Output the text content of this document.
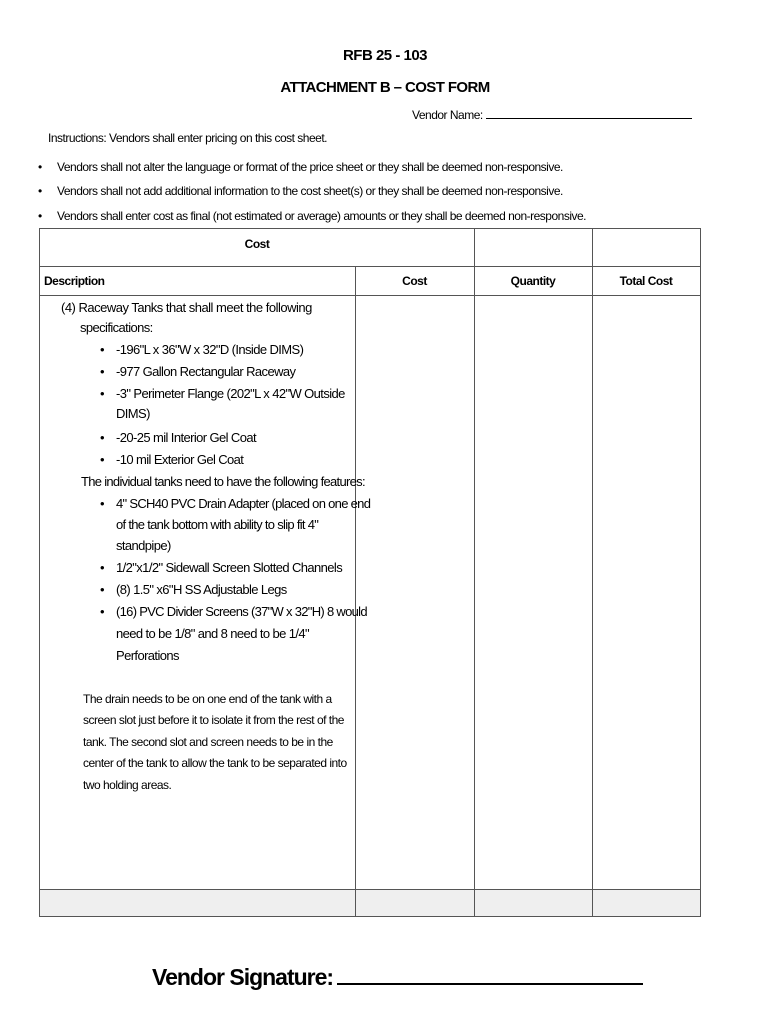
RFB 25 - 103
ATTACHMENT B – COST FORM
Vendor Name:
Instructions: Vendors shall enter pricing on this cost sheet.
• Vendors shall not alter the language or format of the price sheet or they shall be deemed non-responsive.
• Vendors shall not add additional information to the cost sheet(s) or they shall be deemed non-responsive.
• Vendors shall enter cost as final (not estimated or average) amounts or they shall be deemed non-responsive.
Cost
Description	Cost	Quantity	Total Cost
(4) Raceway Tanks that shall meet the following
specifications:
• -196"L x 36"W x 32"D (Inside DIMS)
• -977 Gallon Rectangular Raceway
• -3" Perimeter Flange (202"L x 42"W Outside
DIMS)
• -20-25 mil Interior Gel Coat
• -10 mil Exterior Gel Coat
The individual tanks need to have the following features:
• 4" SCH40 PVC Drain Adapter (placed on one end
of the tank bottom with ability to slip fit 4"
standpipe)
• 1/2"x1/2" Sidewall Screen Slotted Channels
• (8) 1.5" x6"H SS Adjustable Legs
• (16) PVC Divider Screens (37"W x 32"H) 8 would
need to be 1/8" and 8 need to be 1/4"
Perforations
The drain needs to be on one end of the tank with a
screen slot just before it to isolate it from the rest of the
tank. The second slot and screen needs to be in the
center of the tank to allow the tank to be separated into
two holding areas.
Vendor Signature:
